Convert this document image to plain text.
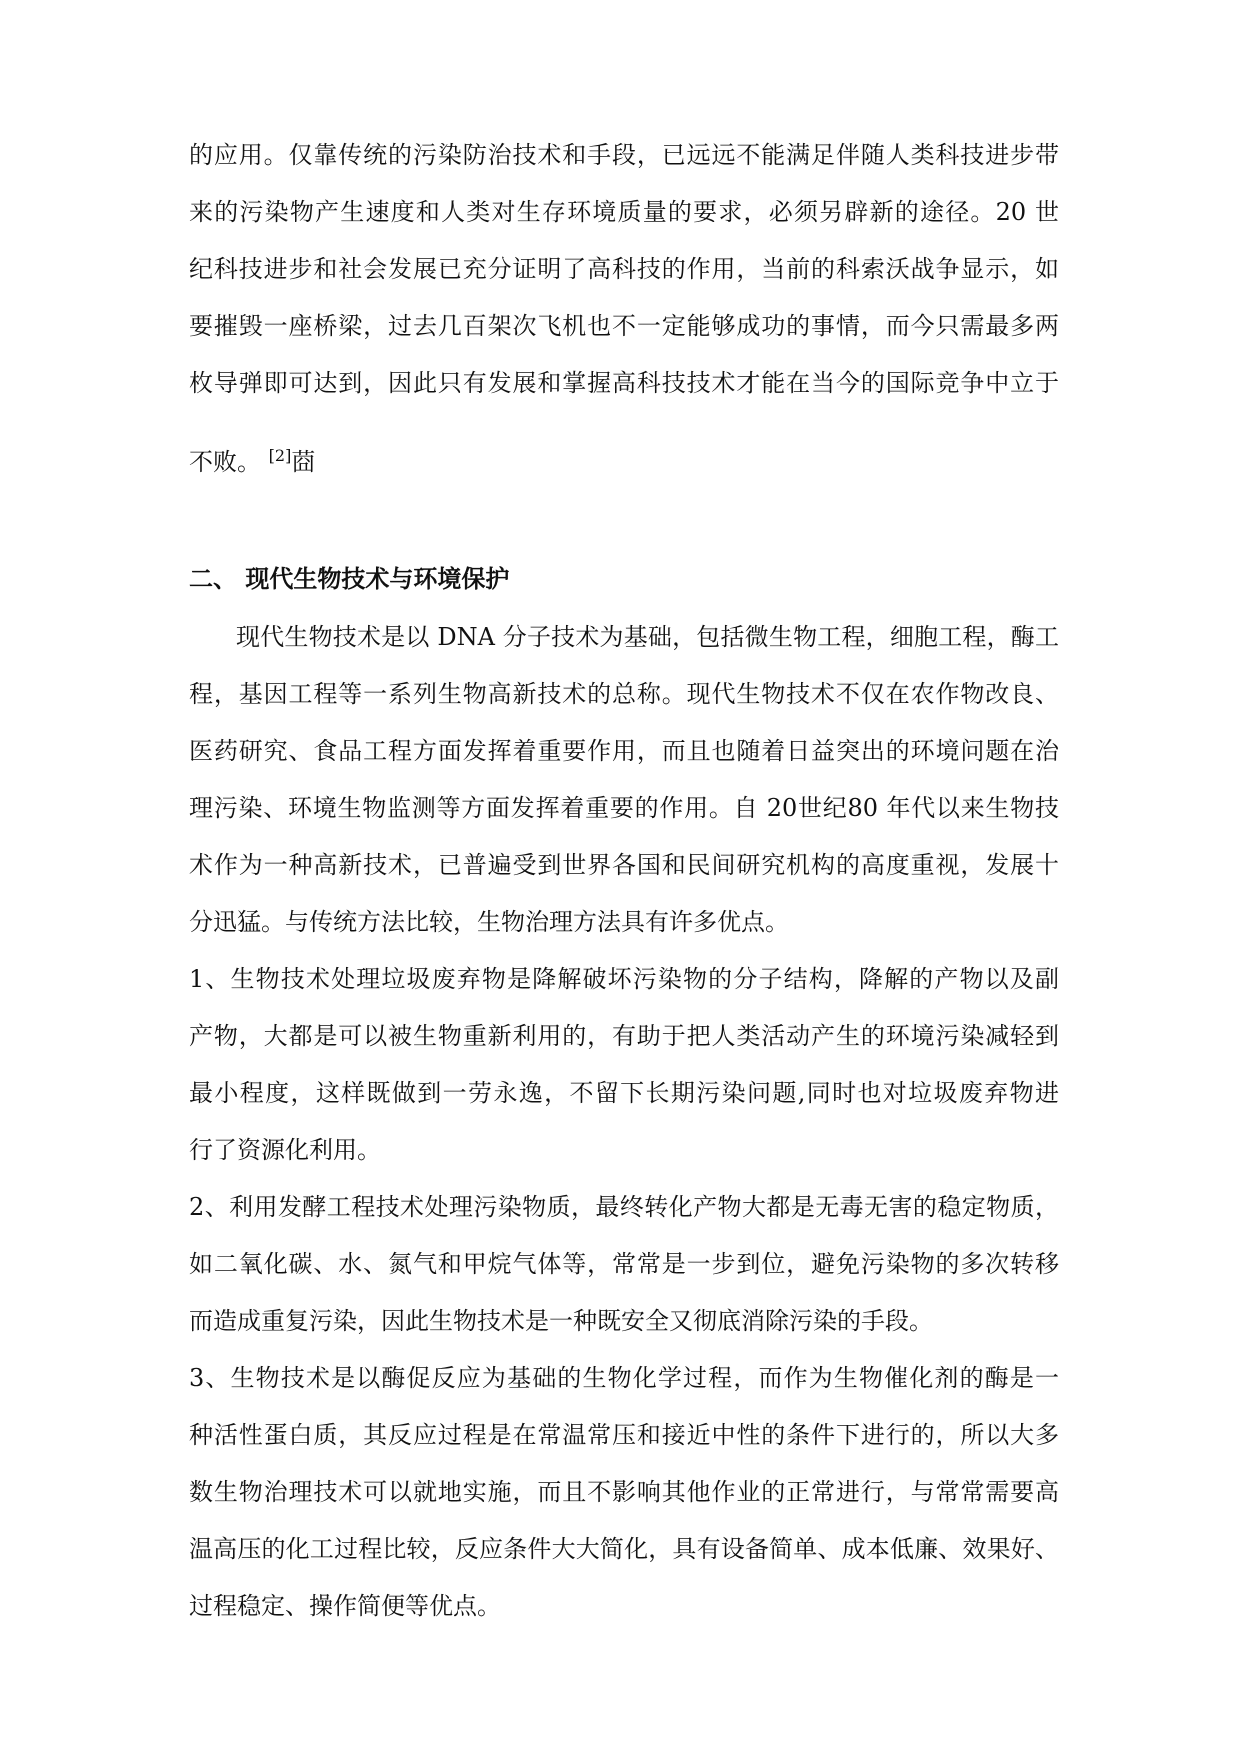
的应用。仅靠传统的污染防治技术和手段，已远远不能满足伴随人类科技进步带
来的污染物产生速度和人类对生存环境质量的要求，必须另辟新的途径。20 世
纪科技进步和社会发展已充分证明了高科技的作用，当前的科索沃战争显示，如
要摧毁一座桥梁，过去几百架次飞机也不一定能够成功的事情，而今只需最多两
枚导弹即可达到，因此只有发展和掌握高科技技术才能在当今的国际竞争中立于
不败。 [2]莔
二、 现代生物技术与环境保护
现代生物技术是以 DNA 分子技术为基础，包括微生物工程，细胞工程，酶工
程，基因工程等一系列生物高新技术的总称。现代生物技术不仅在农作物改良、
医药研究、食品工程方面发挥着重要作用，而且也随着日益突出的环境问题在治
理污染、环境生物监测等方面发挥着重要的作用。自 20世纪80 年代以来生物技
术作为一种高新技术，已普遍受到世界各国和民间研究机构的高度重视，发展十
分迅猛。与传统方法比较，生物治理方法具有许多优点。
1、生物技术处理垃圾废弃物是降解破坏污染物的分子结构，降解的产物以及副
产物，大都是可以被生物重新利用的，有助于把人类活动产生的环境污染减轻到
最小程度，这样既做到一劳永逸，不留下长期污染问题,同时也对垃圾废弃物进
行了资源化利用。
2、利用发酵工程技术处理污染物质，最终转化产物大都是无毒无害的稳定物质，
如二氧化碳、水、氮气和甲烷气体等，常常是一步到位，避免污染物的多次转移
而造成重复污染，因此生物技术是一种既安全又彻底消除污染的手段。
3、生物技术是以酶促反应为基础的生物化学过程，而作为生物催化剂的酶是一
种活性蛋白质，其反应过程是在常温常压和接近中性的条件下进行的，所以大多
数生物治理技术可以就地实施，而且不影响其他作业的正常进行，与常常需要高
温高压的化工过程比较，反应条件大大简化，具有设备简单、成本低廉、效果好、
过程稳定、操作简便等优点。
